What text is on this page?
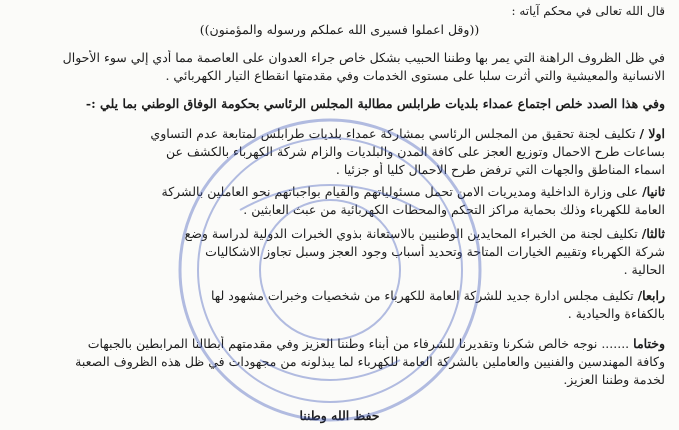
قال الله تعالى في محكم آياته :
((وقل اعملوا فسيرى الله عملكم ورسوله والمؤمنون))
في ظل الظروف الراهنة التي يمر بها وطننا الحبيب بشكل خاص جراء العدوان على العاصمة مما أدي إلي سوء الأحوال
الانسانية والمعيشية والتي أثرت سلبا على مستوى الخدمات وفي مقدمتها انقطاع التيار الكهربائي .
وفي هذا الصدد خلص اجتماع عمداء بلديات طرابلس مطالبة المجلس الرئاسي بحكومة الوفاق الوطني بما يلي :-
اولا / تكليف لجنة تحقيق من المجلس الرئاسي بمشاركة عمداء بلديات طرابلس لمتابعة عدم التساوي
بساعات طرح الاحمال وتوزيع العجز على كافة المدن والبلديات والزام شركة الكهرباء بالكشف عن
اسماء المناطق والجهات التي ترفض طرح الاحمال كليا أو جزئيا .
ثانيا/ على وزارة الداخلية ومديريات الامن تحمل مسئولياتهم والقيام بواجباتهم نحو العاملين بالشركة
العامة للكهرباء وذلك بحماية مراكز التحكم والمحطات الكهربائية من عبث العابثين .
ثالثا/ تكليف لجنة من الخبراء المحايدين الوطنيين بالاستعانة بذوي الخبرات الدولية لدراسة وضع
شركة الكهرباء وتقييم الخيارات المتاحة وتحديد أسباب وجود العجز وسبل تجاوز الاشكاليات
الحالية .
رابعا/ تكليف مجلس ادارة جديد للشركة العامة للكهرباء من شخصيات وخبرات مشهود لها
بالكفاءة والحيادية .
وختاما ....... نوجه خالص شكرنا وتقديرنا للشرفاء من أبناء وطننا العزيز وفي مقدمتهم أبطالنا المرابطين بالجبهات
وكافة المهندسين والفنيين والعاملين بالشركة العامة للكهرباء لما يبذلونه من مجهودات في ظل هذه الظروف الصعبة
لخدمة وطننا العزيز.
حفظ الله وطننا
